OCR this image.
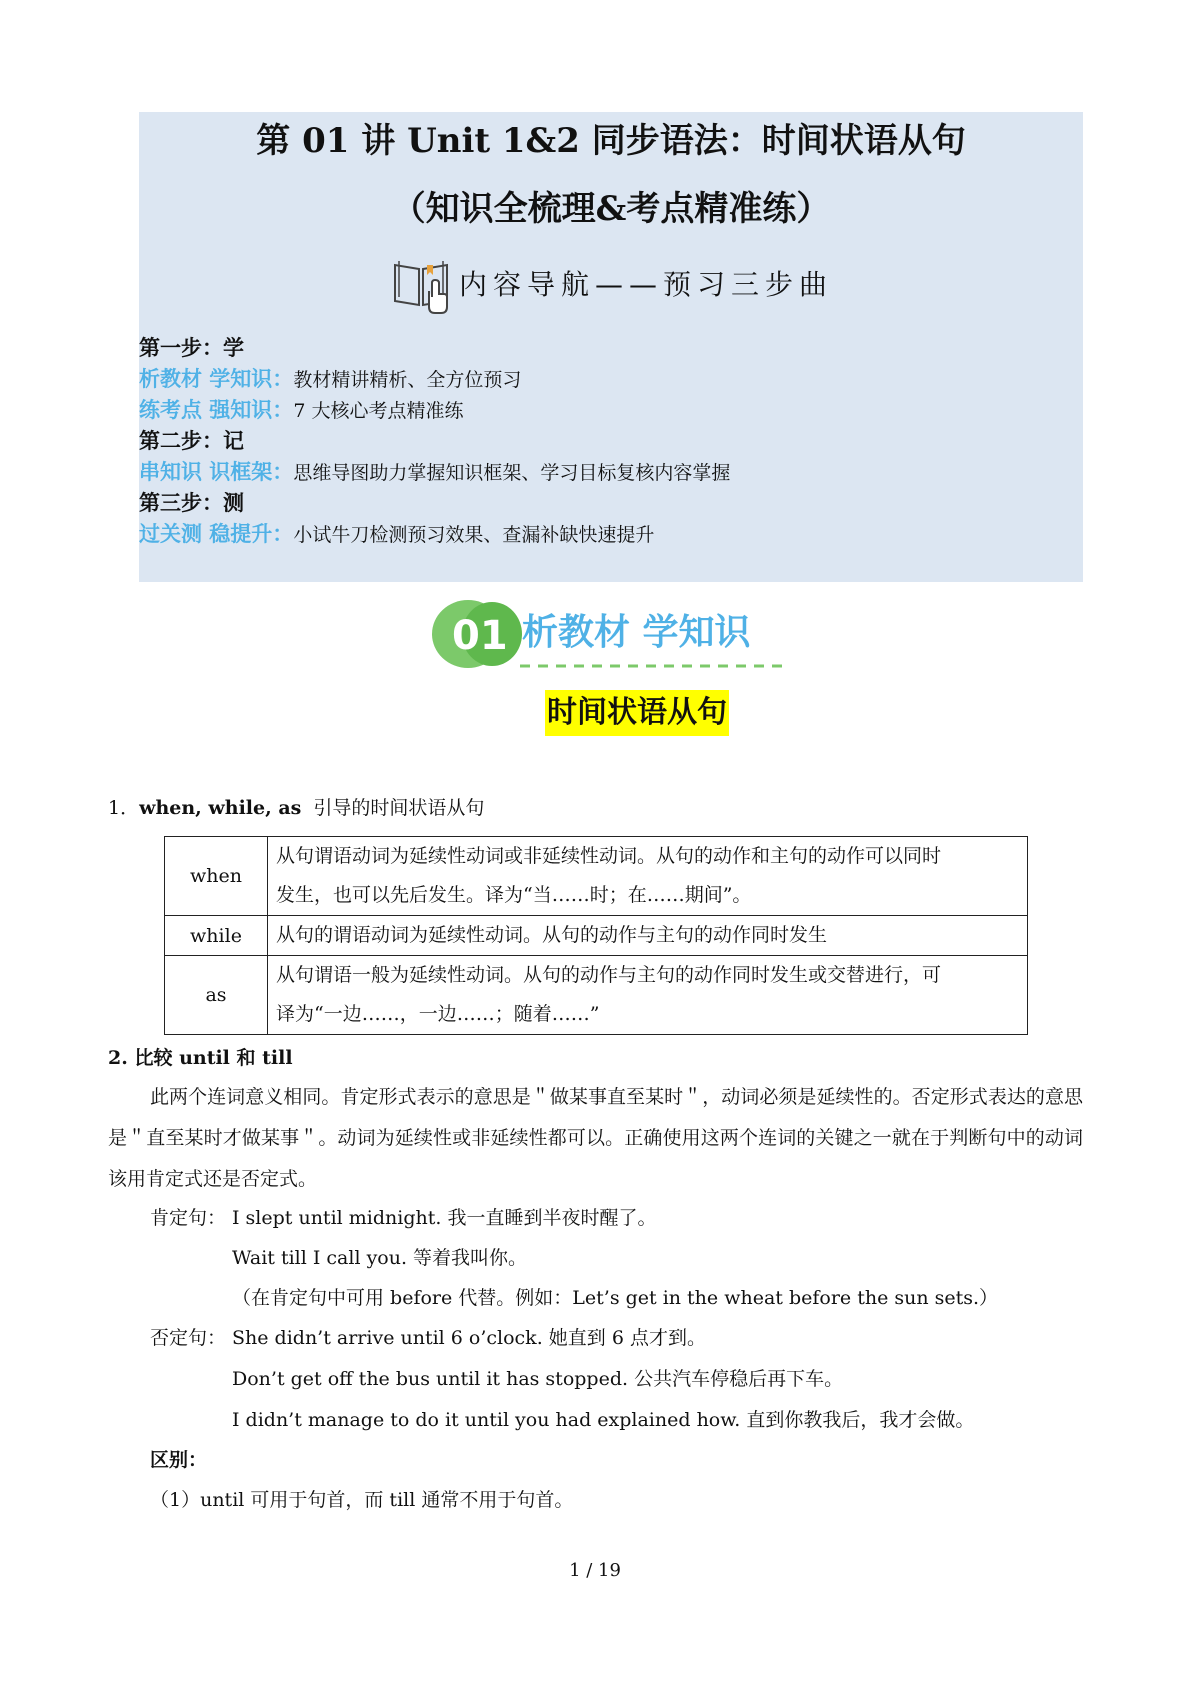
第 01 讲 Unit 1&2 同步语法：时间状语从句
（知识全梳理&考点精准练）
内容导航——预习三步曲
第一步：学
析教材 学知识：教材精讲精析、全方位预习
练考点 强知识：7 大核心考点精准练
第二步：记
串知识 识框架：思维导图助力掌握知识框架、学习目标复核内容掌握
第三步：测
过关测 稳提升：小试牛刀检测预习效果、查漏补缺快速提升
01 析教材 学知识
时间状语从句
1．when, while, as 引导的时间状语从句
when	从句谓语动词为延续性动词或非延续性动词。从句的动作和主句的动作可以同时
发生，也可以先后发生。译为“当……时；在……期间”。

while	从句的谓语动词为延续性动词。从句的动作与主句的动作同时发生

as	从句谓语一般为延续性动词。从句的动作与主句的动作同时发生或交替进行，可
译为“一边……，一边……；随着……”
2. 比较 until 和 till
此两个连词意义相同。肯定形式表示的意思是＂做某事直至某时＂，动词必须是延续性的。否定形式表达的意思是＂直至某时才做某事＂。动词为延续性或非延续性都可以。正确使用这两个连词的关键之一就在于判断句中的动词该用肯定式还是否定式。
肯定句： I slept until midnight. 我一直睡到半夜时醒了。
Wait till I call you. 等着我叫你。
（在肯定句中可用 before 代替。例如：Let’s get in the wheat before the sun sets.）
否定句： She didn’t arrive until 6 o’clock. 她直到 6 点才到。
Don’t get off the bus until it has stopped. 公共汽车停稳后再下车。
I didn’t manage to do it until you had explained how. 直到你教我后，我才会做。
区别：
（1）until 可用于句首，而 till 通常不用于句首。
1 / 19
